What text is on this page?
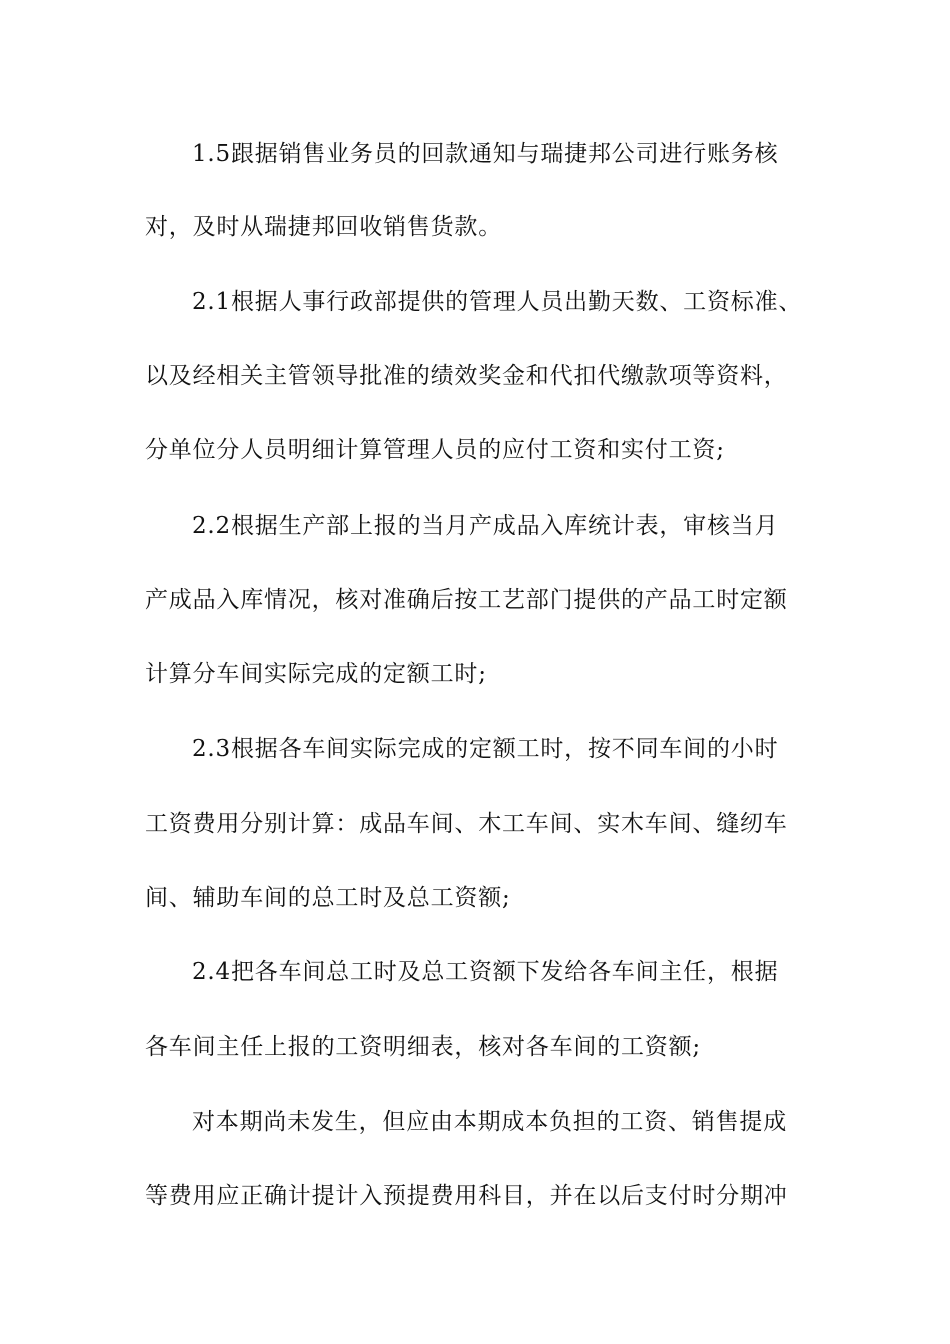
1.5跟据销售业务员的回款通知与瑞捷邦公司进行账务核
对，及时从瑞捷邦回收销售货款。
2.1根据人事行政部提供的管理人员出勤天数、工资标准、
以及经相关主管领导批准的绩效奖金和代扣代缴款项等资料，
分单位分人员明细计算管理人员的应付工资和实付工资;
2.2根据生产部上报的当月产成品入库统计表，审核当月
产成品入库情况，核对准确后按工艺部门提供的产品工时定额
计算分车间实际完成的定额工时;
2.3根据各车间实际完成的定额工时，按不同车间的小时
工资费用分别计算：成品车间、木工车间、实木车间、缝纫车
间、辅助车间的总工时及总工资额;
2.4把各车间总工时及总工资额下发给各车间主任，根据
各车间主任上报的工资明细表，核对各车间的工资额;
对本期尚未发生，但应由本期成本负担的工资、销售提成
等费用应正确计提计入预提费用科目，并在以后支付时分期冲
